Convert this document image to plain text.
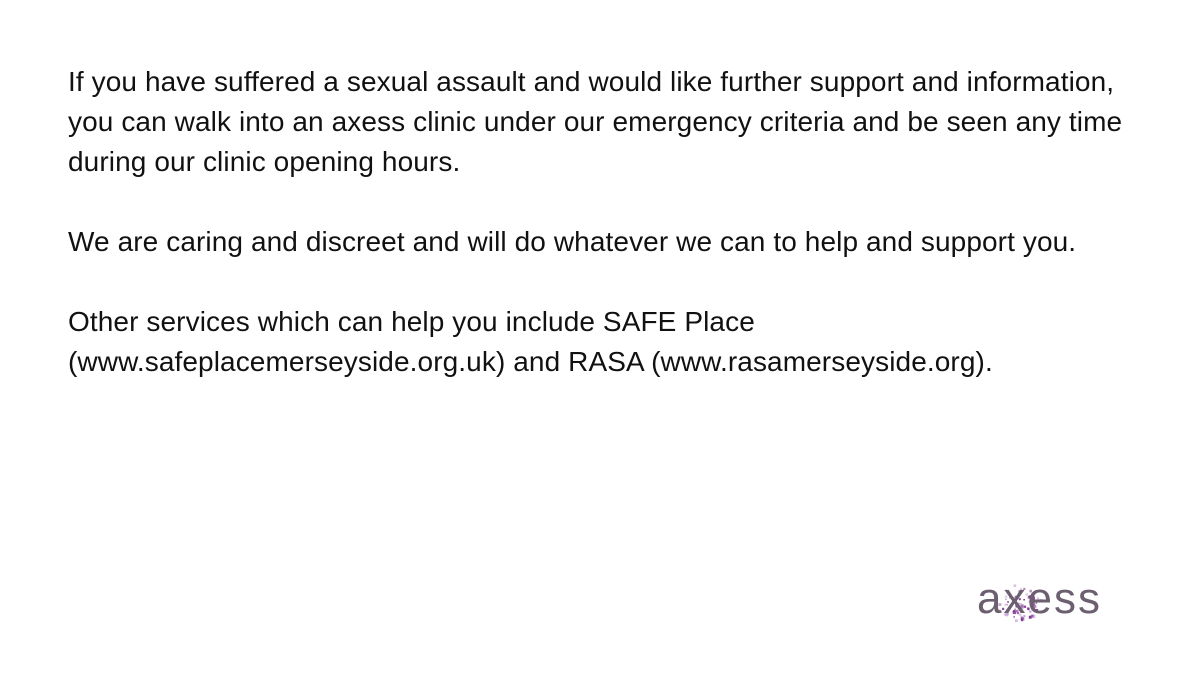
If you have suffered a sexual assault and would like further support and information, you can walk into an axess clinic under our emergency criteria and be seen any time during our clinic opening hours.

We are caring and discreet and will do whatever we can to help and support you.

Other services which can help you include SAFE Place (www.safeplacemerseyside.org.uk) and RASA (www.rasamerseyside.org).

axess
